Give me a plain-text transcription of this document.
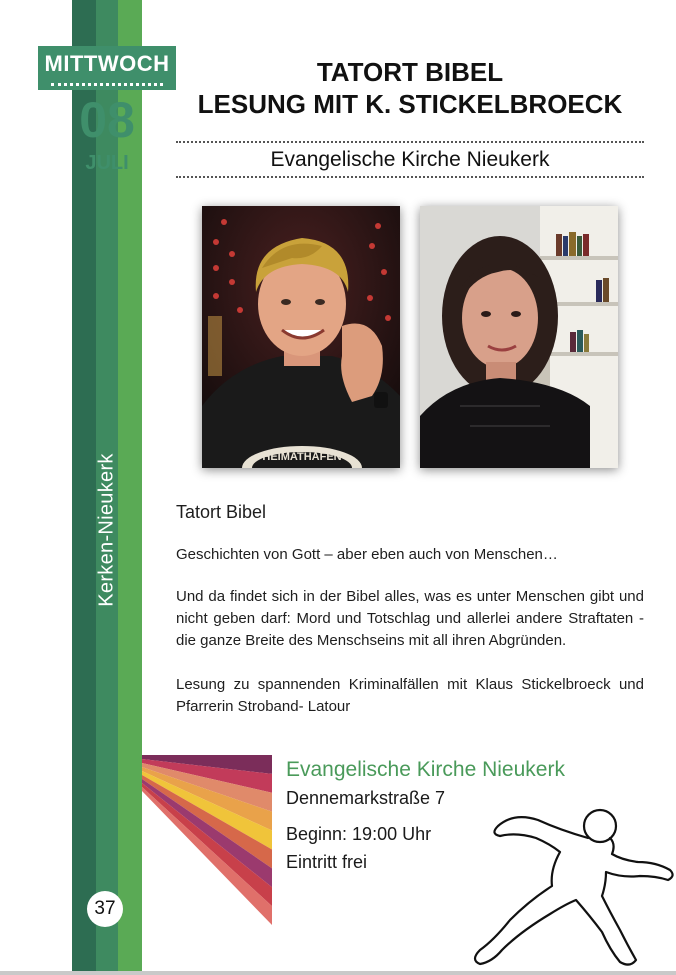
MITTWOCH
08
JULI
Kerken-Nieukerk
TATORT BIBEL
LESUNG MIT K. STICKELBROECK
Evangelische Kirche Nieukerk
HEIMATHAFEN
Tatort Bibel
Geschichten von Gott – aber eben auch von Menschen…
Und da findet sich in der Bibel alles, was es unter Menschen gibt und nicht geben darf: Mord und Totschlag und allerlei andere Straftaten - die ganze Breite des Menschseins mit all ihren Abgründen.
Lesung zu spannenden Kriminalfällen mit Klaus Stickelbroeck und Pfarrerin Stroband- Latour
Evangelische Kirche Nieukerk
Dennemarkstraße 7
Beginn: 19:00 Uhr
Eintritt frei
37
